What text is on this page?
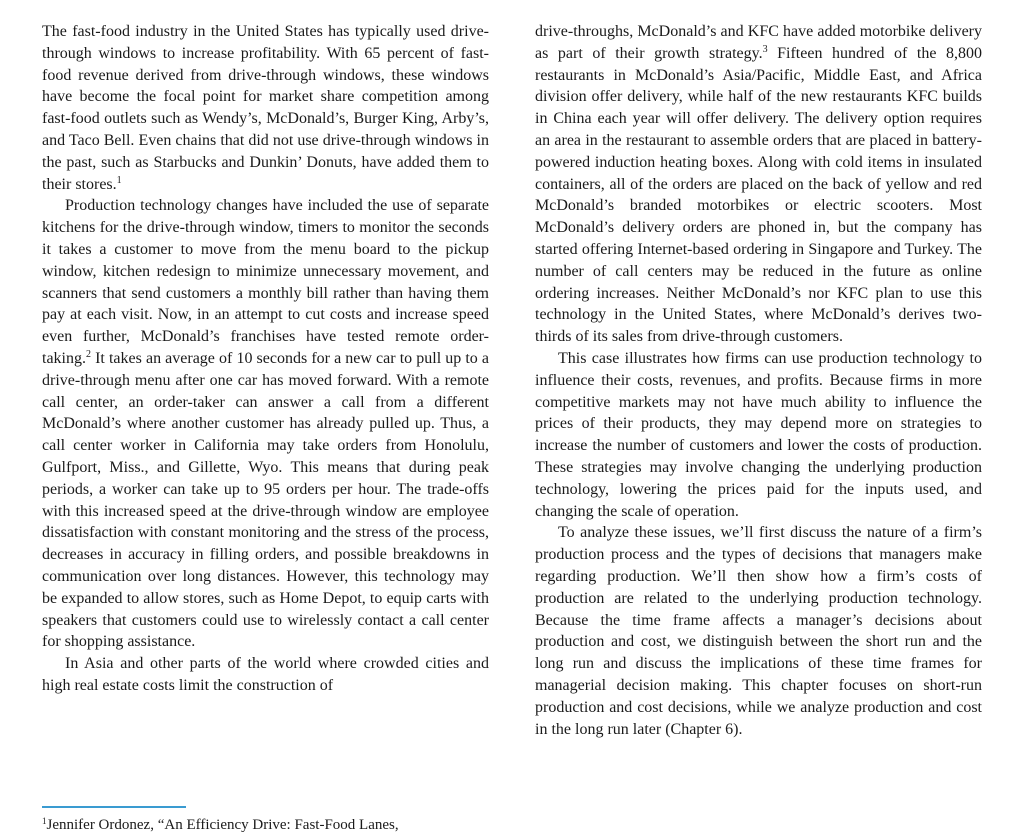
The fast-food industry in the United States has typically used drive-through windows to increase profitability. With 65 percent of fast-food revenue derived from drive-through windows, these windows have become the focal point for market share competition among fast-food outlets such as Wendy’s, McDonald’s, Burger King, Arby’s, and Taco Bell. Even chains that did not use drive-through windows in the past, such as Starbucks and Dunkin’ Donuts, have added them to their stores.$^1$

Production technology changes have included the use of separate kitchens for the drive-through window, timers to monitor the seconds it takes a customer to move from the menu board to the pickup window, kitchen redesign to minimize unnecessary movement, and scanners that send customers a monthly bill rather than having them pay at each visit. Now, in an attempt to cut costs and increase speed even further, McDonald’s franchises have tested remote order-taking.$^2$ It takes an average of 10 seconds for a new car to pull up to a drive-through menu after one car has moved forward. With a remote call center, an order-taker can answer a call from a different McDonald’s where another customer has already pulled up. Thus, a call center worker in California may take orders from Honolulu, Gulfport, Miss., and Gillette, Wyo. This means that during peak periods, a worker can take up to 95 orders per hour. The trade-offs with this increased speed at the drive-through window are employee dissatisfaction with constant monitoring and the stress of the process, decreases in accuracy in filling orders, and possible breakdowns in communication over long distances. However, this technology may be expanded to allow stores, such as Home Depot, to equip carts with speakers that customers could use to wirelessly contact a call center for shopping assistance.

In Asia and other parts of the world where crowded cities and high real estate costs limit the construction of

drive-throughs, McDonald’s and KFC have added motorbike delivery as part of their growth strategy.$^3$ Fifteen hundred of the 8,800 restaurants in McDonald’s Asia/Pacific, Middle East, and Africa division offer delivery, while half of the new restaurants KFC builds in China each year will offer delivery. The delivery option requires an area in the restaurant to assemble orders that are placed in battery-powered induction heating boxes. Along with cold items in insulated containers, all of the orders are placed on the back of yellow and red McDonald’s branded motorbikes or electric scooters. Most McDonald’s delivery orders are phoned in, but the company has started offering Internet-based ordering in Singapore and Turkey. The number of call centers may be reduced in the future as online ordering increases. Neither McDonald’s nor KFC plan to use this technology in the United States, where McDonald’s derives two-thirds of its sales from drive-through customers.

This case illustrates how firms can use production technology to influence their costs, revenues, and profits. Because firms in more competitive markets may not have much ability to influence the prices of their products, they may depend more on strategies to increase the number of customers and lower the costs of production. These strategies may involve changing the underlying production technology, lowering the prices paid for the inputs used, and changing the scale of operation.

To analyze these issues, we’ll first discuss the nature of a firm’s production process and the types of decisions that managers make regarding production. We’ll then show how a firm’s costs of production are related to the underlying production technology. Because the time frame affects a manager’s decisions about production and cost, we distinguish between the short run and the long run and discuss the implications of these time frames for managerial decision making. This chapter focuses on short-run production and cost decisions, while we analyze production and cost in the long run later (Chapter 6).

$^1$Jennifer Ordonez, “An Efficiency Drive: Fast-Food Lanes,
